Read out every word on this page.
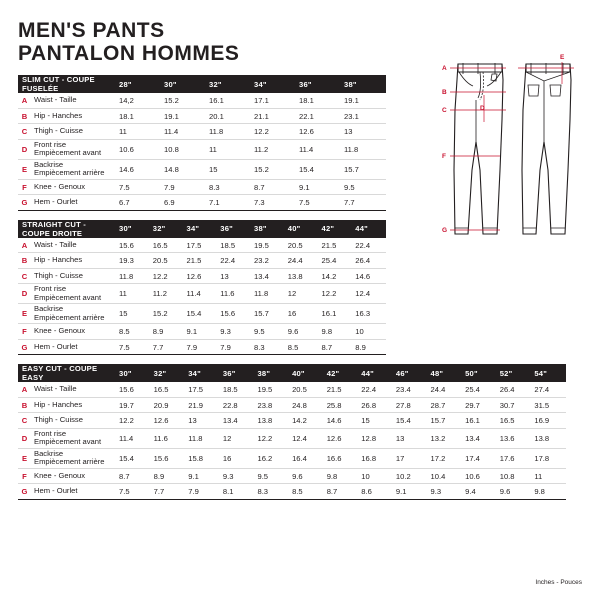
MEN'S PANTS
PANTALON HOMMES
SLIM CUT - COUPE FUSELÉE		28"	30"	32"	34"	36"	38"
A	Waist - Taille	14,2	15.2	16.1	17.1	18.1	19.1
B	Hip - Hanches	18.1	19.1	20.1	21.1	22.1	23.1
C	Thigh - Cuisse	11	11.4	11.8	12.2	12.6	13
D	Front rise
Empiècement avant	10.6	10.8	11	11.2	11.4	11.8
E	Backrise
Empiècement arrière	14.6	14.8	15	15.2	15.4	15.7
F	Knee - Genoux	7.5	7.9	8.3	8.7	9.1	9.5
G	Hem - Ourlet	6.7	6.9	7.1	7.3	7.5	7.7
STRAIGHT CUT - COUPE DROITE		30"	32"	34"	36"	38"	40"	42"	44"
A	Waist - Taille	15.6	16.5	17.5	18.5	19.5	20.5	21.5	22.4
B	Hip - Hanches	19.3	20.5	21.5	22.4	23.2	24.4	25.4	26.4
C	Thigh - Cuisse	11.8	12.2	12.6	13	13.4	13.8	14.2	14.6
D	Front rise
Empiècement avant	11	11.2	11.4	11.6	11.8	12	12.2	12.4
E	Backrise
Empiècement arrière	15	15.2	15.4	15.6	15.7	16	16.1	16.3
F	Knee - Genoux	8.5	8.9	9.1	9.3	9.5	9.6	9.8	10
G	Hem - Ourlet	7.5	7.7	7.9	7.9	8.3	8.5	8.7	8.9
EASY CUT - COUPE EASY		30"	32"	34"	36"	38"	40"	42"	44"	46"	48"	50"	52"	54"
A	Waist - Taille	15.6	16.5	17.5	18.5	19.5	20.5	21.5	22.4	23.4	24.4	25.4	26.4	27.4
B	Hip - Hanches	19.7	20.9	21.9	22.8	23.8	24.8	25.8	26.8	27.8	28.7	29.7	30.7	31.5
C	Thigh - Cuisse	12.2	12.6	13	13.4	13.8	14.2	14.6	15	15.4	15.7	16.1	16.5	16.9
D	Front rise
Empiècement avant	11.4	11.6	11.8	12	12.2	12.4	12.6	12.8	13	13.2	13.4	13.6	13.8
E	Backrise
Empiècement arrière	15.4	15.6	15.8	16	16.2	16.4	16.6	16.8	17	17.2	17.4	17.6	17.8
F	Knee - Genoux	8.7	8.9	9.1	9.3	9.5	9.6	9.8	10	10.2	10.4	10.6	10.8	11
G	Hem - Ourlet	7.5	7.7	7.9	8.1	8.3	8.5	8.7	8.6	9.1	9.3	9.4	9.6	9.8
A
B
C	D
F
G
E
Inches - Pouces
